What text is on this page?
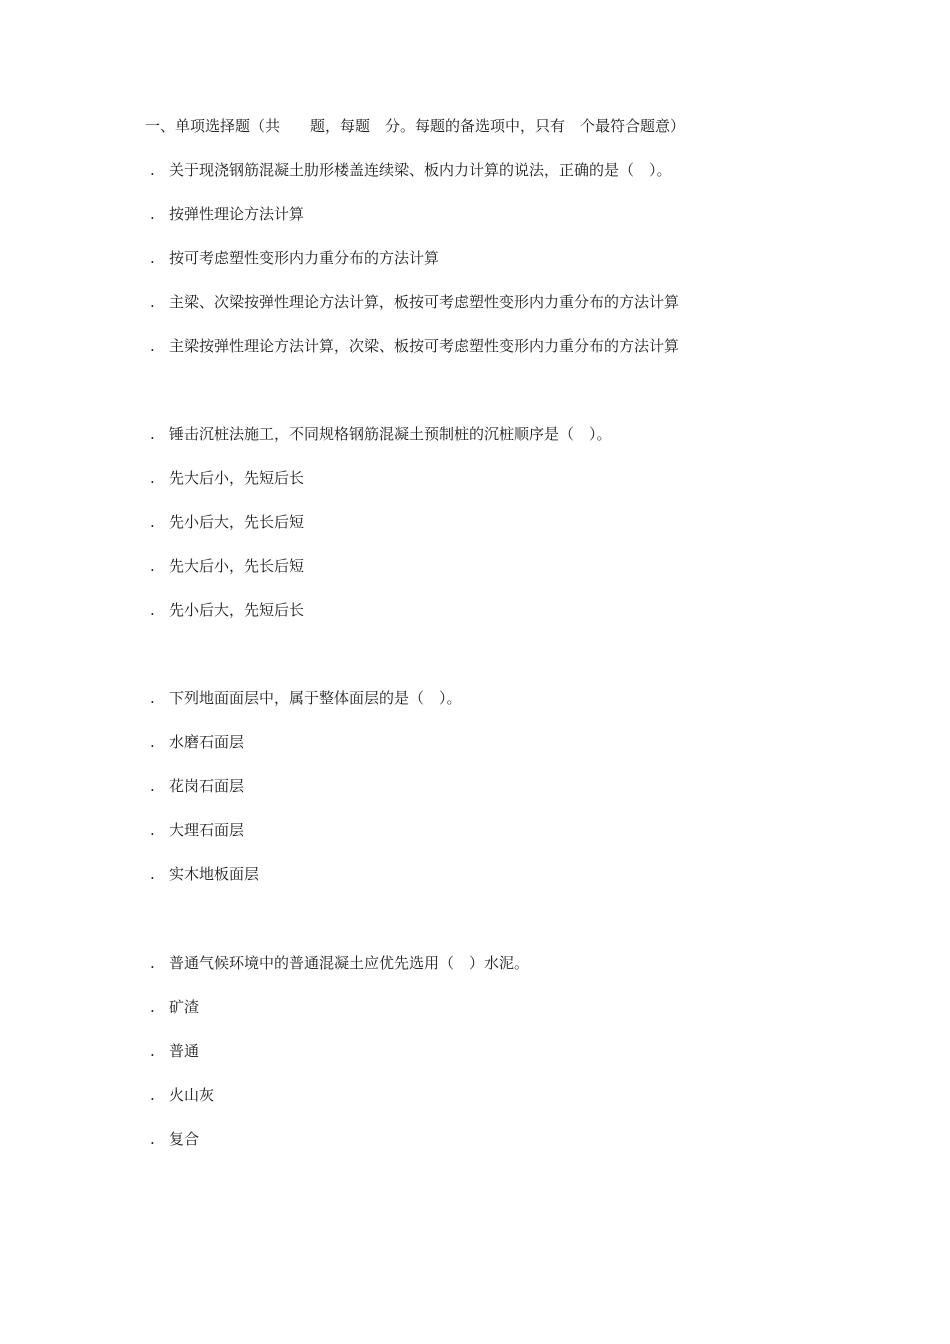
一、单项选择题（共　　题，每题　分。每题的备选项中，只有　个最符合题意）
. 关于现浇钢筋混凝土肋形楼盖连续梁、板内力计算的说法，正确的是（　）。
. 按弹性理论方法计算
. 按可考虑塑性变形内力重分布的方法计算
. 主梁、次梁按弹性理论方法计算，板按可考虑塑性变形内力重分布的方法计算
. 主梁按弹性理论方法计算，次梁、板按可考虑塑性变形内力重分布的方法计算
. 锤击沉桩法施工，不同规格钢筋混凝土预制桩的沉桩顺序是（　）。
. 先大后小，先短后长
. 先小后大，先长后短
. 先大后小，先长后短
. 先小后大，先短后长
. 下列地面面层中，属于整体面层的是（　）。
. 水磨石面层
. 花岗石面层
. 大理石面层
. 实木地板面层
. 普通气候环境中的普通混凝土应优先选用（　）水泥。
. 矿渣
. 普通
. 火山灰
. 复合
